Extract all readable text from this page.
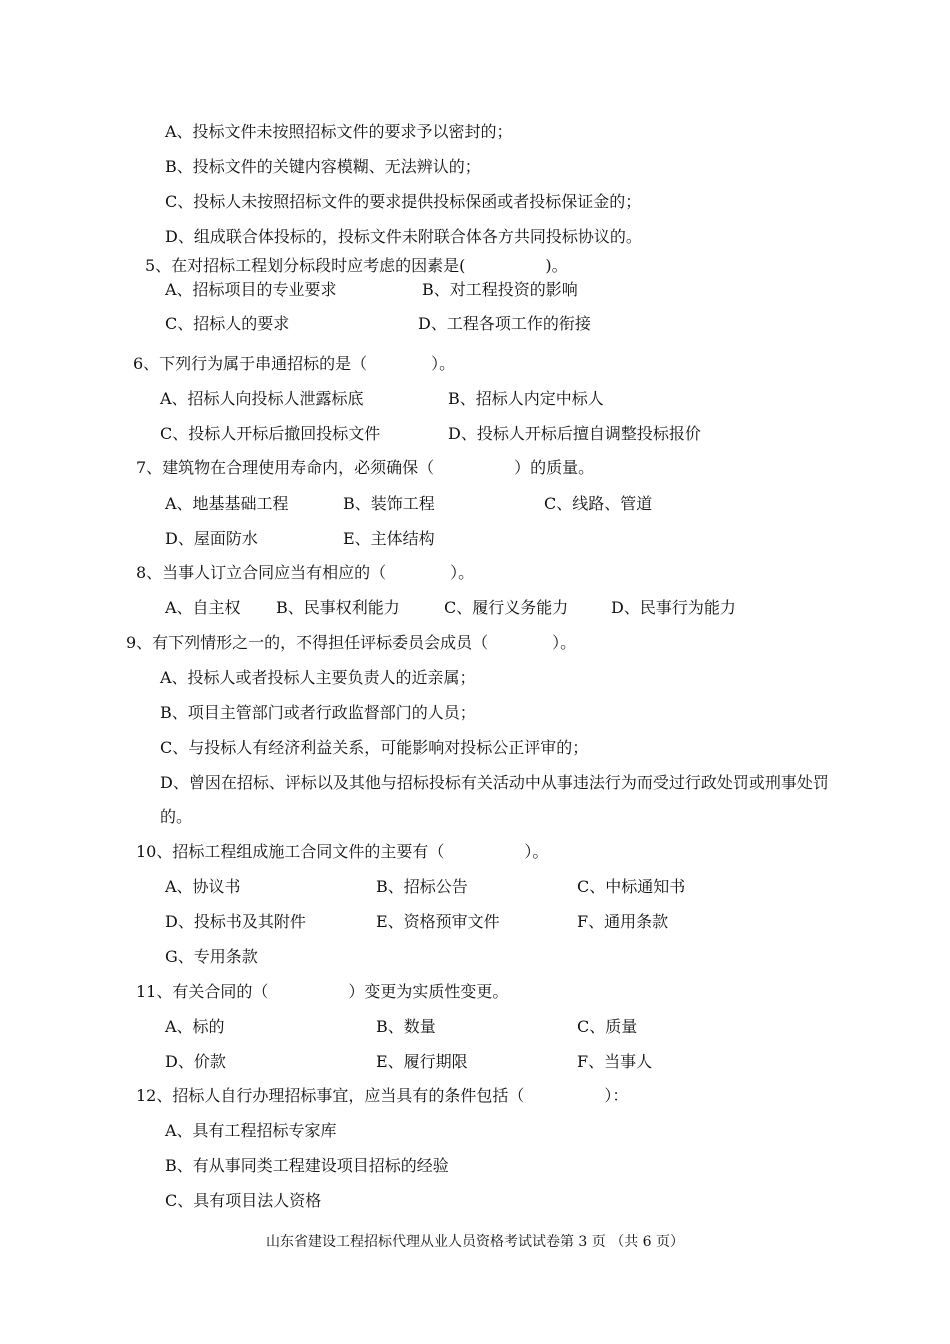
A、投标文件未按照招标文件的要求予以密封的；
B、投标文件的关键内容模糊、无法辨认的；
C、投标人未按照招标文件的要求提供投标保函或者投标保证金的；
D、组成联合体投标的，投标文件未附联合体各方共同投标协议的。
5、在对招标工程划分标段时应考虑的因素是(　　　　　)。
A、招标项目的专业要求	B、对工程投资的影响
C、招标人的要求	D、工程各项工作的衔接
6、下列行为属于串通招标的是（　　　　）。
A、招标人向投标人泄露标底	B、招标人内定中标人
C、投标人开标后撤回投标文件	D、投标人开标后擅自调整投标报价
7、建筑物在合理使用寿命内，必须确保（　　　　　）的质量。
A、地基基础工程	B、装饰工程	C、线路、管道
D、屋面防水	E、主体结构
8、当事人订立合同应当有相应的（　　　　）。
A、自主权 B、民事权利能力	C、履行义务能力	D、民事行为能力
9、有下列情形之一的，不得担任评标委员会成员（　　　　）。
A、投标人或者投标人主要负责人的近亲属；
B、项目主管部门或者行政监督部门的人员；
C、与投标人有经济利益关系，可能影响对投标公正评审的；
D、曾因在招标、评标以及其他与招标投标有关活动中从事违法行为而受过行政处罚或刑事处罚
的。
10、招标工程组成施工合同文件的主要有（　　　　　）。
A、协议书	B、招标公告	C、中标通知书
D、投标书及其附件	E、资格预审文件	F、通用条款
G、专用条款
11、有关合同的（　　　　　）变更为实质性变更。
A、标的	B、数量	C、质量
D、价款	E、履行期限	F、当事人
12、招标人自行办理招标事宜，应当具有的条件包括（　　　　　）：
A、具有工程招标专家库
B、有从事同类工程建设项目招标的经验
C、具有项目法人资格
山东省建设工程招标代理从业人员资格考试试卷第 3 页 （共 6 页）
